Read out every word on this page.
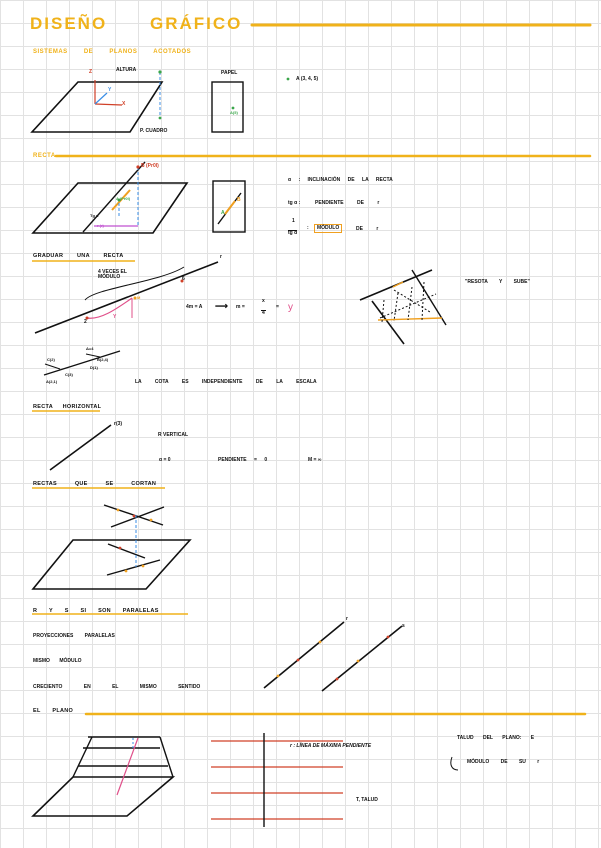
DISEÑO	GRÁFICO
SISTEMAS DE PLANOS ACOTADOS
ALTURA
Z
Y
X
P. CUADRO
PAPEL
A(5)
A (3, 4, 5)
RECTA
B (Pr0l)
A (Pr0l)
Tg α
r (r)
B
A
α : INCLINACIÓN DE LA RECTA
tg α :	PENDIENTE DE r
1
tg α
:	MÓDULO	DE r
GRADUAR UNA RECTA
4 VECES EL MÓDULO
r
6
2
M
Y
4m = A ⟶ m =
x
4
= y
"RESOTA Y SUBE"
C(2)	B(2,4)
A(2,1)
D(1)
C(3)
Δ=4
LA COTA ES INDEPENDIENTE DE LA ESCALA
RECTA HORIZONTAL
r(3)
R VERTICAL
α = 0	PENDIENTE = 0	M = ∞
RECTAS QUE SE CORTAN
R Y S SI SON PARALELAS
PROYECCIONES PARALELAS
MISMO MÓDULO
CRECIENTO EN EL MISMO SENTIDO
r
s
EL PLANO
r : LÍNEA DE MÁXIMA PENDIENTE
T, TALUD
TALUD DEL PLANO: E
MÓDULO DE SU r
